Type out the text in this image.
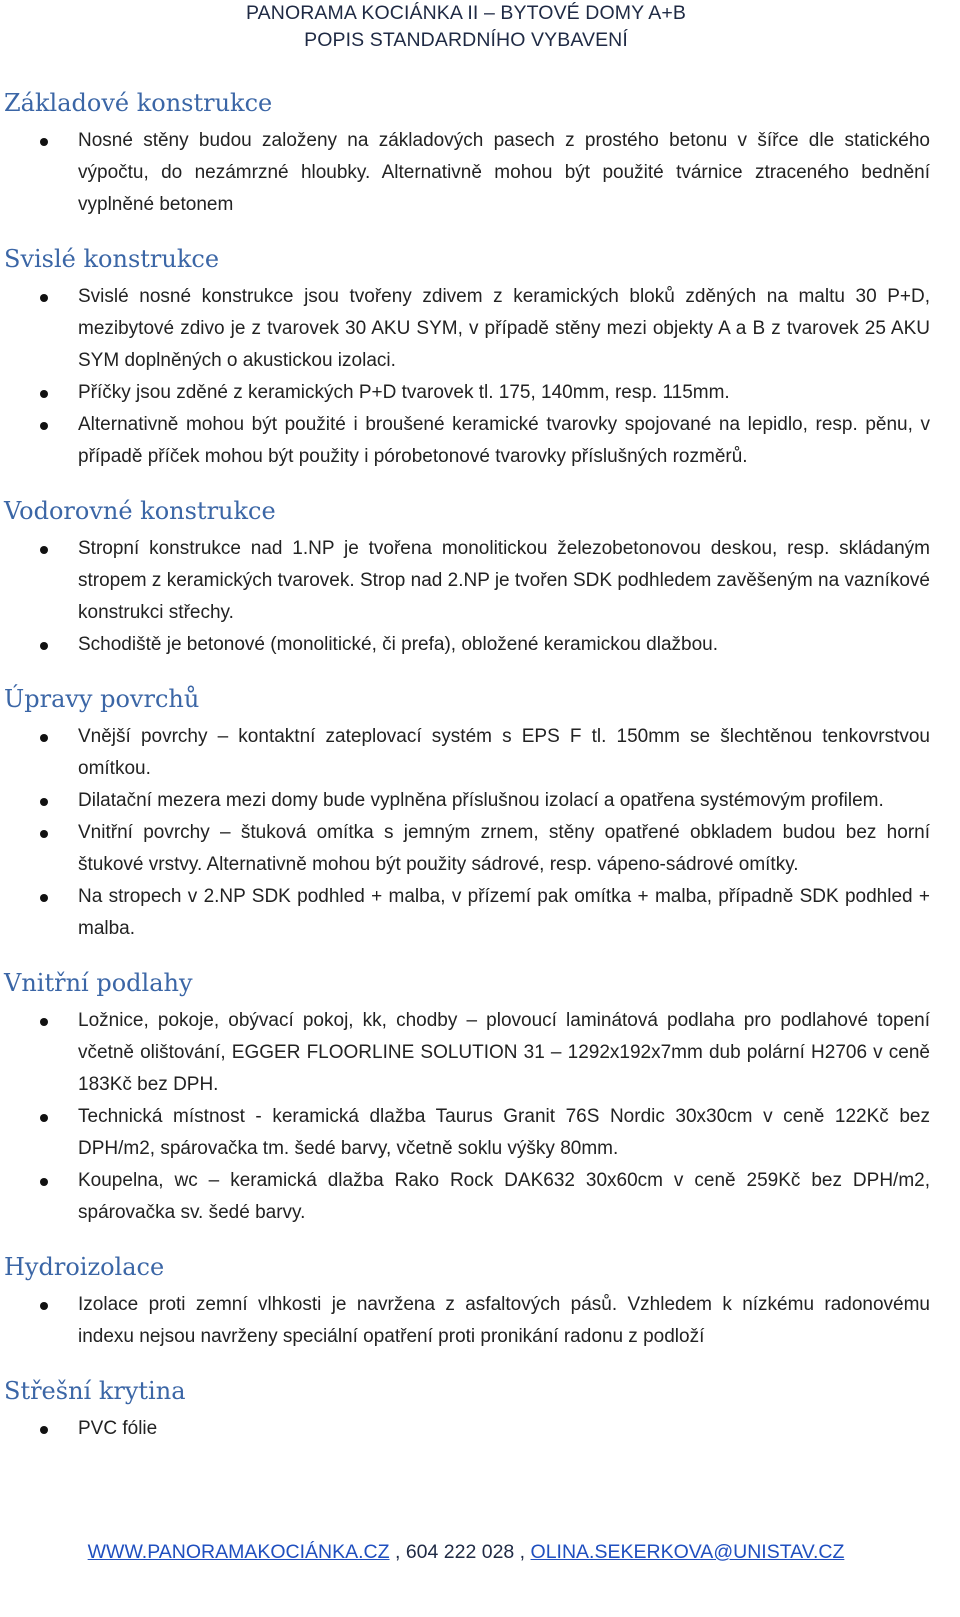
PANORAMA KOCIÁNKA II – BYTOVÉ DOMY A+B
POPIS STANDARDNÍHO VYBAVENÍ
Základové konstrukce
Nosné stěny budou založeny na základových pasech z prostého betonu v šířce dle statického výpočtu, do nezámrzné hloubky. Alternativně mohou být použité tvárnice ztraceného bednění vyplněné betonem
Svislé konstrukce
Svislé nosné konstrukce jsou tvořeny zdivem z keramických bloků zděných na maltu 30 P+D, mezibytové zdivo je z tvarovek 30 AKU SYM, v případě stěny mezi objekty A a B z tvarovek 25 AKU SYM doplněných o akustickou izolaci.
Příčky jsou zděné z keramických P+D tvarovek tl. 175, 140mm, resp. 115mm.
Alternativně mohou být použité i broušené keramické tvarovky spojované na lepidlo, resp. pěnu, v případě příček mohou být použity i pórobetonové tvarovky příslušných rozměrů.
Vodorovné konstrukce
Stropní konstrukce nad 1.NP je tvořena monolitickou železobetonovou deskou, resp. skládaným stropem z keramických tvarovek. Strop nad 2.NP je tvořen SDK podhledem zavěšeným na vazníkové konstrukci střechy.
Schodiště je betonové (monolitické, či prefa), obložené keramickou dlažbou.
Úpravy povrchů
Vnější povrchy – kontaktní zateplovací systém s EPS F tl. 150mm se šlechtěnou tenkovrstvou omítkou.
Dilatační mezera mezi domy bude vyplněna příslušnou izolací a opatřena systémovým profilem.
Vnitřní povrchy – štuková omítka s jemným zrnem, stěny opatřené obkladem budou bez horní štukové vrstvy. Alternativně mohou být použity sádrové, resp. vápeno-sádrové omítky.
Na stropech v 2.NP SDK podhled + malba, v přízemí pak omítka + malba, případně SDK podhled + malba.
Vnitřní podlahy
Ložnice, pokoje, obývací pokoj, kk, chodby – plovoucí laminátová podlaha pro podlahové topení včetně olištování, EGGER FLOORLINE SOLUTION 31 – 1292x192x7mm dub polární H2706 v ceně 183Kč bez DPH.
Technická místnost - keramická dlažba Taurus Granit 76S Nordic 30x30cm v ceně 122Kč bez DPH/m2, spárovačka tm. šedé barvy, včetně soklu výšky 80mm.
Koupelna, wc – keramická dlažba Rako Rock DAK632 30x60cm v ceně 259Kč bez DPH/m2, spárovačka sv. šedé barvy.
Hydroizolace
Izolace proti zemní vlhkosti je navržena z asfaltových pásů. Vzhledem k nízkému radonovému indexu nejsou navrženy speciální opatření proti pronikání radonu z podloží
Střešní krytina
PVC fólie
WWW.PANORAMAKOCIÁNKA.CZ , 604 222 028 , OLINA.SEKERKOVA@UNISTAV.CZ
